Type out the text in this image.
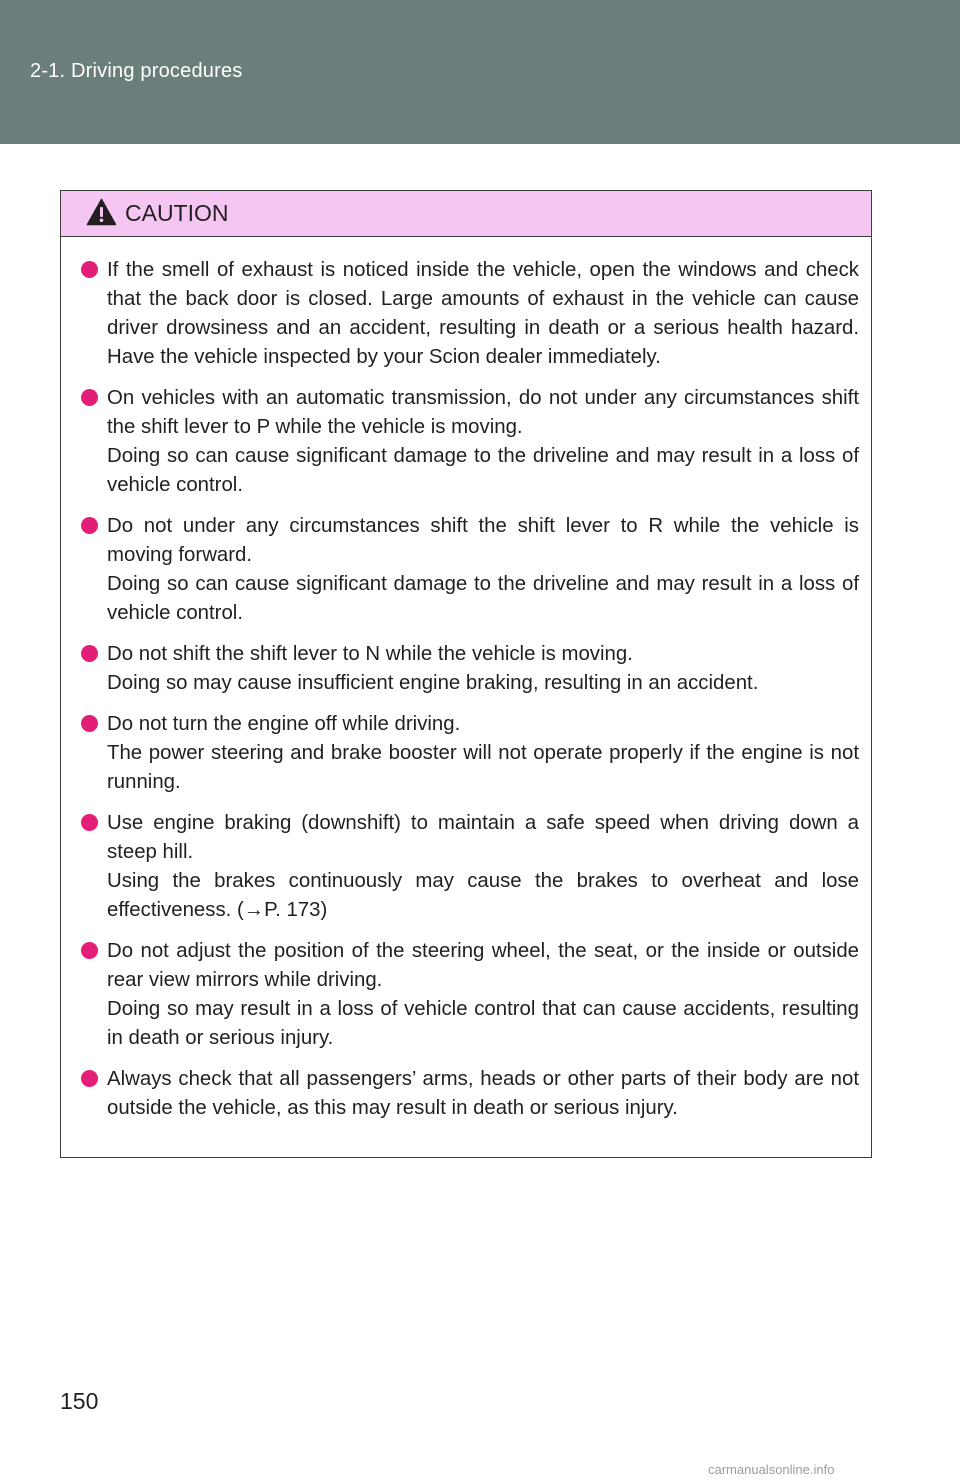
2-1. Driving procedures
CAUTION

If the smell of exhaust is noticed inside the vehicle, open the windows and check that the back door is closed. Large amounts of exhaust in the vehicle can cause driver drowsiness and an accident, resulting in death or a serious health hazard. Have the vehicle inspected by your Scion dealer immediately.

On vehicles with an automatic transmission, do not under any circumstances shift the shift lever to P while the vehicle is moving.

Doing so can cause significant damage to the driveline and may result in a loss of vehicle control.

Do not under any circumstances shift the shift lever to R while the vehicle is moving forward.

Doing so can cause significant damage to the driveline and may result in a loss of vehicle control.

Do not shift the shift lever to N while the vehicle is moving.

Doing so may cause insufficient engine braking, resulting in an accident.

Do not turn the engine off while driving.

The power steering and brake booster will not operate properly if the engine is not running.

Use engine braking (downshift) to maintain a safe speed when driving down a steep hill.

Using the brakes continuously may cause the brakes to overheat and lose effectiveness. (→P. 173)

Do not adjust the position of the steering wheel, the seat, or the inside or outside rear view mirrors while driving.

Doing so may result in a loss of vehicle control that can cause accidents, resulting in death or serious injury.

Always check that all passengers’ arms, heads or other parts of their body are not outside the vehicle, as this may result in death or serious injury.

150
carmanualsonline.info
